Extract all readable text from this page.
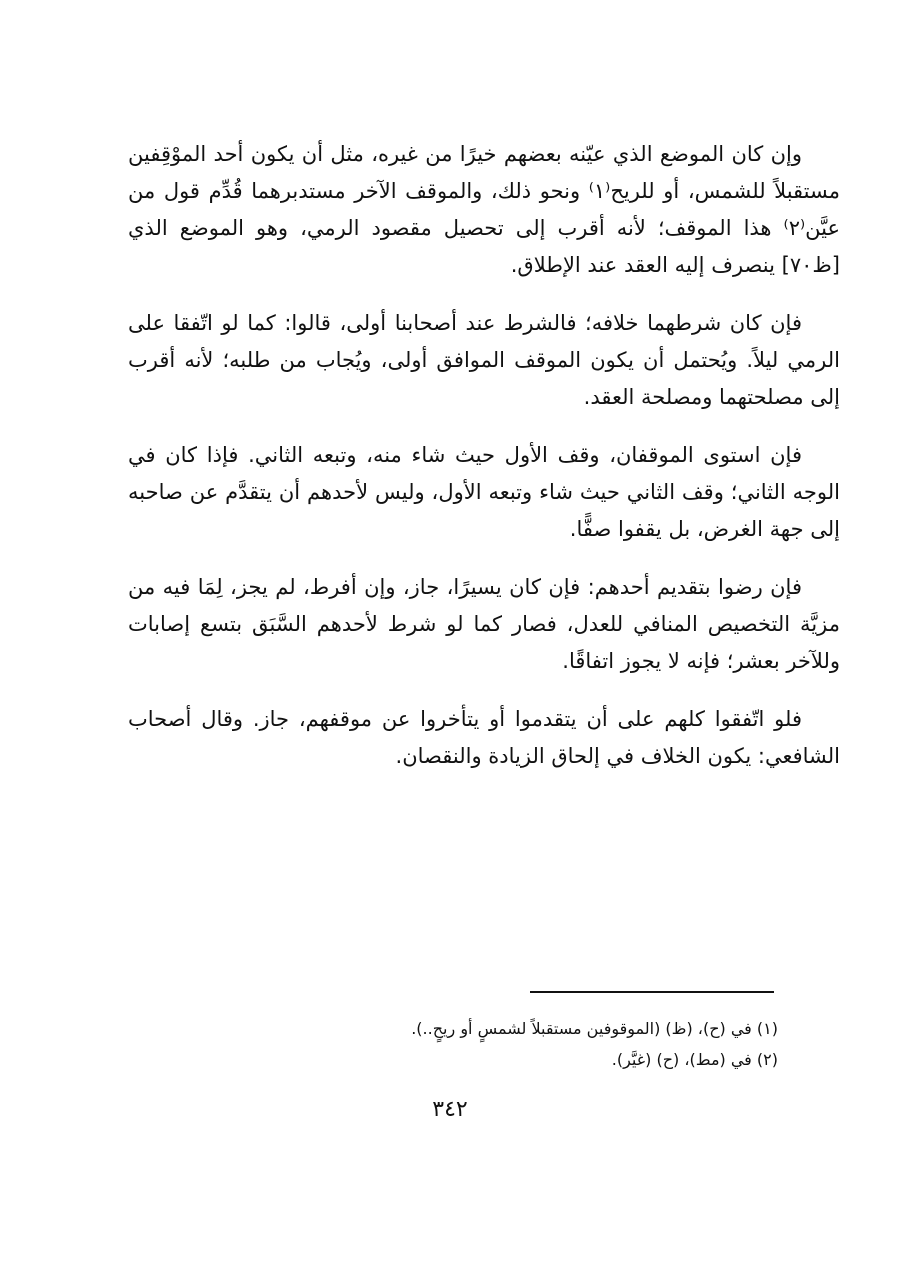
وإن كان الموضع الذي عيّنه بعضهم خيرًا من غيره، مثل أن يكون أحد الموْقِفين مستقبلاً للشمس، أو للريح⁽١⁾ ونحو ذلك، والموقف الآخر مستدبرهما قُدِّم قول من عيَّن⁽٢⁾ هذا الموقف؛ لأنه أقرب إلى تحصيل مقصود الرمي، وهو الموضع الذي [ظ٧٠] ينصرف إليه العقد عند الإطلاق.

فإن كان شرطهما خلافه؛ فالشرط عند أصحابنا أولى، قالوا: كما لو اتّفقا على الرمي ليلاً. ويُحتمل أن يكون الموقف الموافق أولى، ويُجاب من طلبه؛ لأنه أقرب إلى مصلحتهما ومصلحة العقد.

فإن استوى الموقفان، وقف الأول حيث شاء منه، وتبعه الثاني. فإذا كان في الوجه الثاني؛ وقف الثاني حيث شاء وتبعه الأول، وليس لأحدهم أن يتقدَّم عن صاحبه إلى جهة الغرض، بل يقفوا صفًّا.

فإن رضوا بتقديم أحدهم: فإن كان يسيرًا، جاز، وإن أفرط، لم يجز، لِمَا فيه من مزيَّة التخصيص المنافي للعدل، فصار كما لو شرط لأحدهم السَّبَق بتسع إصابات وللآخر بعشر؛ فإنه لا يجوز اتفاقًا.

فلو اتّفقوا كلهم على أن يتقدموا أو يتأخروا عن موقفهم، جاز. وقال أصحاب الشافعي: يكون الخلاف في إلحاق الزيادة والنقصان.

(١) في (ح)، (ظ) (الموقوفين مستقبلاً لشمسٍ أو ريحٍ..).

(٢) في (مط)، (ح) (غيَّر).

٣٤٢
